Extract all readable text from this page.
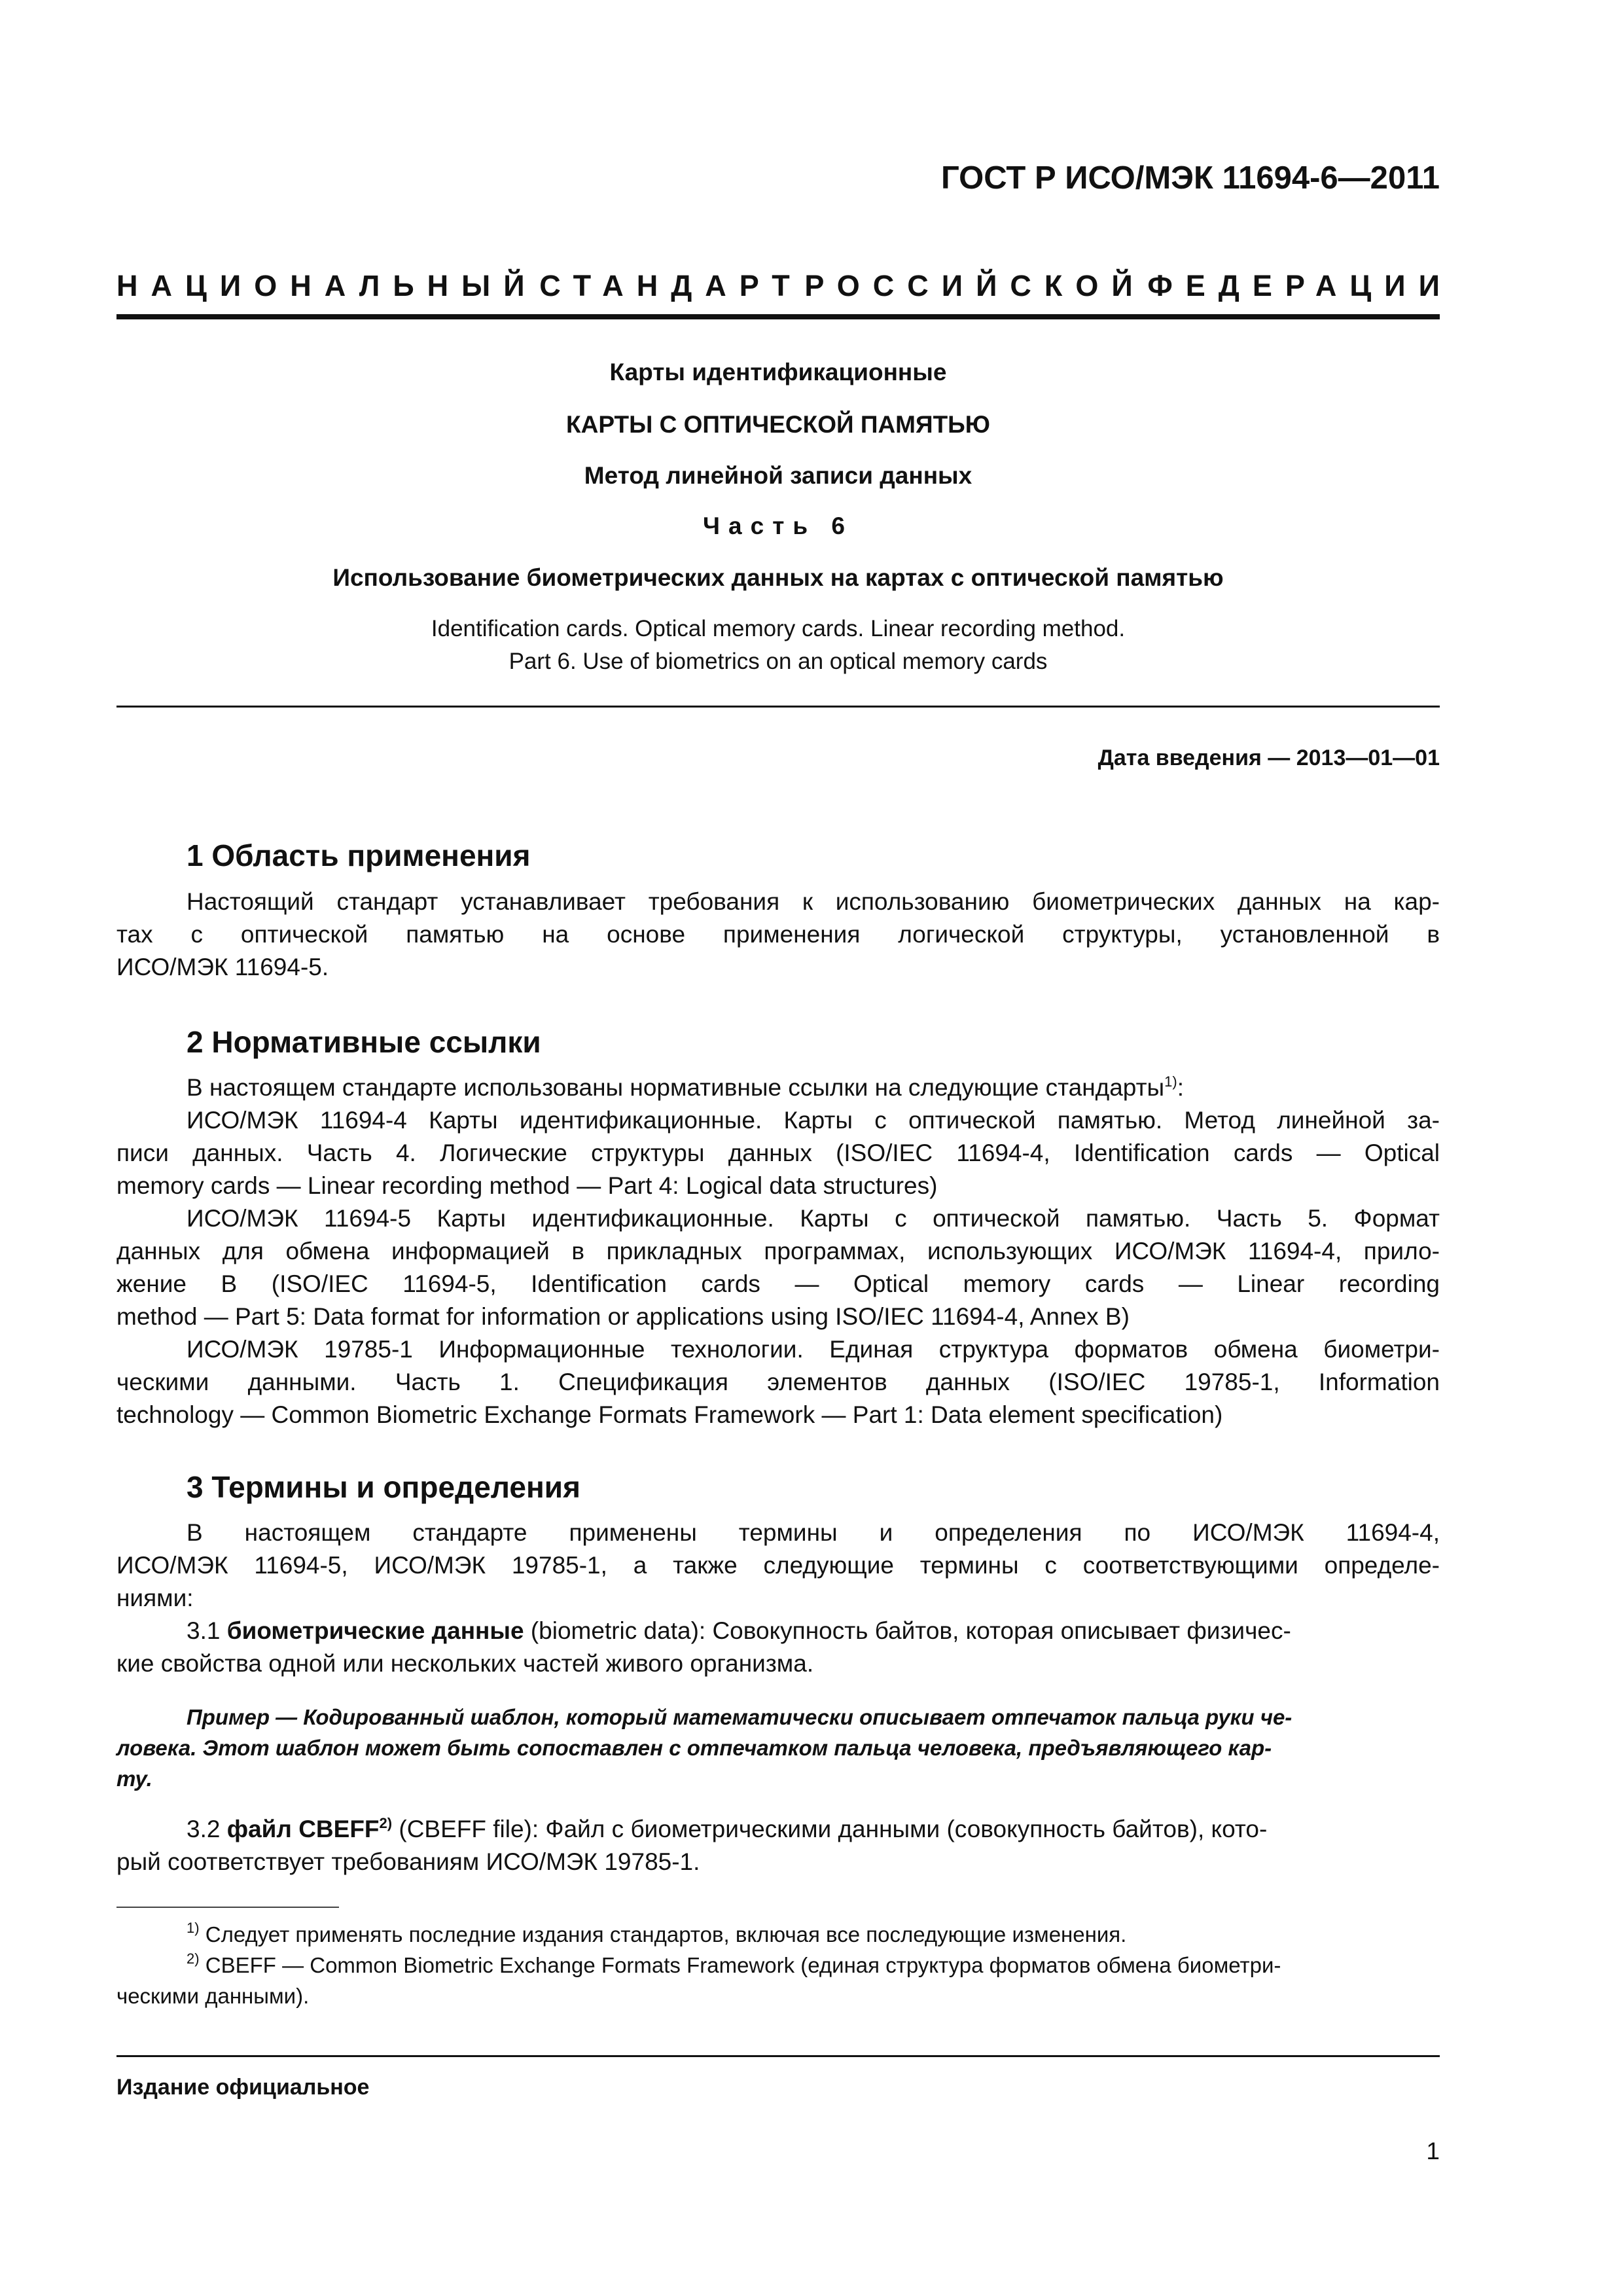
ГОСТ Р ИСО/МЭК 11694-6—2011
НАЦИОНАЛЬНЫЙ СТАНДАРТ РОССИЙСКОЙ ФЕДЕРАЦИИ
Карты идентификационные
КАРТЫ С ОПТИЧЕСКОЙ ПАМЯТЬЮ
Метод линейной записи данных
Часть 6
Использование биометрических данных на картах с оптической памятью
Identification cards. Optical memory cards. Linear recording method.
Part 6. Use of biometrics on an optical memory cards
Дата введения — 2013—01—01
1 Область применения
Настоящий стандарт устанавливает требования к использованию биометрических данных на кар-
тах с оптической памятью на основе применения логической структуры, установленной в
ИСО/МЭК 11694-5.
2 Нормативные ссылки
В настоящем стандарте использованы нормативные ссылки на следующие стандарты$^{1)}$:
ИСО/МЭК 11694-4 Карты идентификационные. Карты с оптической памятью. Метод линейной за-
писи данных. Часть 4. Логические структуры данных (ISO/IEC 11694-4, Identification cards — Optical
memory cards — Linear recording method — Part 4: Logical data structures)
ИСО/МЭК 11694-5 Карты идентификационные. Карты с оптической памятью. Часть 5. Формат
данных для обмена информацией в прикладных программах, использующих ИСО/МЭК 11694-4, прило-
жение В (ISO/IEC 11694-5, Identification cards — Optical memory cards — Linear recording
method — Part 5: Data format for information or applications using ISO/IEC 11694-4, Annex B)
ИСО/МЭК 19785-1 Информационные технологии. Единая структура форматов обмена биометри-
ческими данными. Часть 1. Спецификация элементов данных (ISO/IEC 19785-1, Information
technology — Common Biometric Exchange Formats Framework — Part 1: Data element specification)
3 Термины и определения
В настоящем стандарте применены термины и определения по ИСО/МЭК 11694-4,
ИСО/МЭК 11694-5, ИСО/МЭК 19785-1, а также следующие термины с соответствующими определе-
ниями:
3.1 биометрические данные (biometric data): Совокупность байтов, которая описывает физичес-
кие свойства одной или нескольких частей живого организма.
Пример — Кодированный шаблон, который математически описывает отпечаток пальца руки че-
ловека. Этот шаблон может быть сопоставлен с отпечатком пальца человека, предъявляющего кар-
ту.
3.2 файл CBEFF$^{2)}$ (CBEFF file): Файл с биометрическими данными (совокупность байтов), кото-
рый соответствует требованиям ИСО/МЭК 19785-1.
$^{1)}$ Следует применять последние издания стандартов, включая все последующие изменения.
$^{2)}$ CBEFF — Common Biometric Exchange Formats Framework (единая структура форматов обмена биометри-
ческими данными).
Издание официальное
1
